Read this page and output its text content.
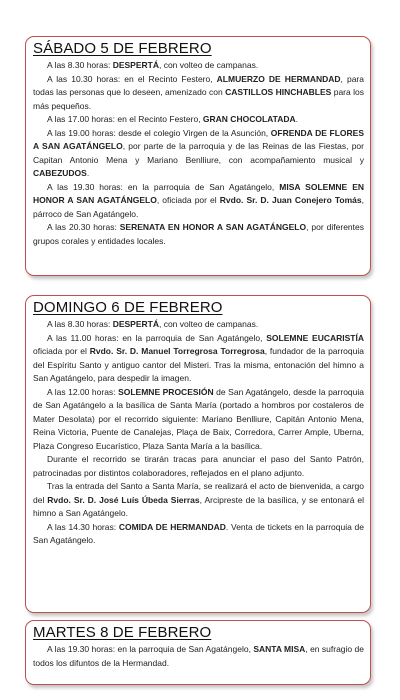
SÁBADO 5 DE FEBRERO

A las 8.30 horas: DESPERTÁ, con volteo de campanas.

A las 10.30 horas: en el Recinto Festero, ALMUERZO DE HERMANDAD, para todas las personas que lo deseen, amenizado con CASTILLOS HINCHABLES para los más pequeños.

A las 17.00 horas: en el Recinto Festero, GRAN CHOCOLATADA.

A las 19.00 horas: desde el colegio Virgen de la Asunción, OFRENDA DE FLORES A SAN AGATÁNGELO, por parte de la parroquia y de las Reinas de las Fiestas, por Capitan Antonio Mena y Mariano Benlliure, con acompañamiento musical y CABEZUDOS.

A las 19.30 horas: en la parroquia de San Agatángelo, MISA SOLEMNE EN HONOR A SAN AGATÁNGELO, oficiada por el Rvdo. Sr. D. Juan Conejero Tomás, párroco de San Agatángelo.

A las 20.30 horas: SERENATA EN HONOR A SAN AGATÁNGELO, por diferentes grupos corales y entidades locales.

DOMINGO 6 DE FEBRERO

A las 8.30 horas: DESPERTÁ, con volteo de campanas.

A las 11.00 horas: en la parroquia de San Agatángelo, SOLEMNE EUCARISTÍA oficiada por el Rvdo. Sr. D. Manuel Torregrosa Torregrosa, fundador de la parroquia del Espíritu Santo y antiguo cantor del Misteri. Tras la misma, entonación del himno a San Agatángelo, para despedir la imagen.

A las 12.00 horas: SOLEMNE PROCESIÓN de San Agatángelo, desde la parroquia de San Agatángelo a la basílica de Santa María (portado a hombros por costaleros de Mater Desolata) por el recorrido siguiente: Mariano Benlliure, Capitán Antonio Mena, Reina Victoria, Puente de Canalejas, Plaça de Baix, Corredora, Carrer Ample, Uberna, Plaza Congreso Eucarístico, Plaza Santa María a la basílica.

Durante el recorrido se tirarán tracas para anunciar el paso del Santo Patrón, patrocinadas por distintos colaboradores, reflejados en el plano adjunto.

Tras la entrada del Santo a Santa María, se realizará el acto de bienvenida, a cargo del Rvdo. Sr. D. José Luís Úbeda Sierras, Arcipreste de la basílica, y se entonará el himno a San Agatángelo.

A las 14.30 horas: COMIDA DE HERMANDAD. Venta de tickets en la parroquia de San Agatángelo.

MARTES 8 DE FEBRERO

A las 19.30 horas: en la parroquia de San Agatángelo, SANTA MISA, en sufragio de todos los difuntos de la Hermandad.
